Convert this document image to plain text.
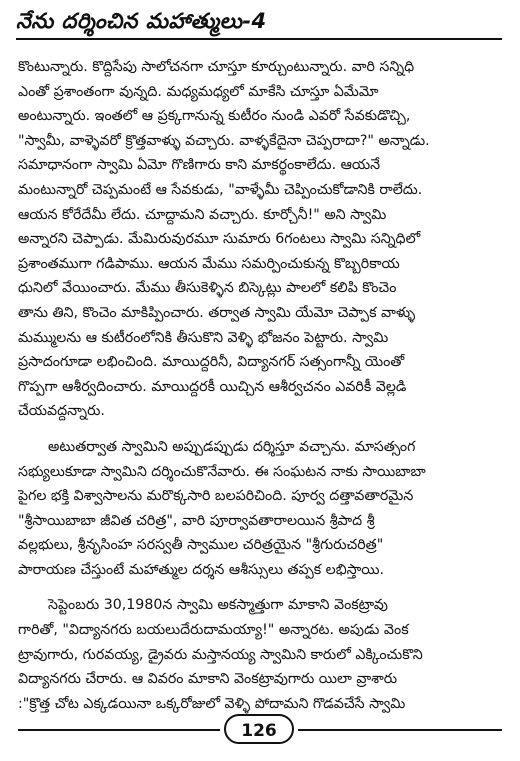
నేను దర్శించిన మహాత్ములు-4
కొంటున్నారు. కొద్దిసేపు సాలోచనగా చూస్తూ కూర్చుంటున్నారు. వారి సన్నిధి
ఎంతో ప్రశాంతంగా వున్నది. మధ్యమధ్యలో మాకేసి చూస్తూ ఏమేమో
అంటున్నారు. ఇంతలో ఆ ప్రక్కగానున్న కుటీరం నుండి ఎవరో సేవకుడొచ్చి,
"స్వామీ, వాళ్ళెవరో క్రొత్తవాళ్ళు వచ్చారు. వాళ్ళకేదైనా చెప్పరాదా?" అన్నాడు.
సమాధానంగా స్వామి ఏమో గొణిగారు కాని మాకర్థంకాలేదు. ఆయనే
మంటున్నారో చెప్పమంటే ఆ సేవకుడు, "వాళ్ళేమీ చెప్పించుకోడానికి రాలేదు.
ఆయన కోరేదేమీ లేదు. చూద్దామని వచ్చారు. కూర్చోనీ!" అని స్వామి
అన్నారని చెప్పాడు. మేమిరువురమూ సుమారు 6గంటలు స్వామి సన్నిధిలో
ప్రశాంతముగా గడిపాము. ఆయన మేము సమర్పించుకున్న కొబ్బరికాయ
ధునిలో వేయించారు. మేము తీసుకెళ్ళిన బిస్కెట్లు పాలలో కలిపి కొంచెం
తాను తిని, కొంచెం మాకిప్పించారు. తర్వాత స్వామి యేమో చెప్పాక వాళ్ళు
మమ్ములను ఆ కుటీరంలోనికి తీసుకొని వెళ్ళి భోజనం పెట్టారు. స్వామి
ప్రసాదంగూడా లభించింది. మాయిద్దరినీ, విద్యానగర్ సత్సంగాన్నీ యెంతో
గొప్పగా ఆశీర్వదించారు. మాయిద్దరకీ యిచ్చిన ఆశీర్వచనం ఎవరికీ వెల్లడి
చేయవద్దన్నారు.
అటుతర్వాత స్వామిని అప్పుడప్పుడు దర్శిస్తూ వచ్చాను. మాసత్సంగ
సభ్యులుకూడా స్వామిని దర్శించుకొనేవారు. ఈ సంఘటన నాకు సాయిబాబా
పైగల భక్తి విశ్వాసాలను మరొక్కసారి బలపరిచింది. పూర్వ దత్తావతారమైన
"శ్రీసాయిబాబా జీవిత చరిత్ర", వారి పూర్వావతారాలయిన శ్రీపాద శ్రీ
వల్లభులు, శ్రీనృసింహ సరస్వతీ స్వాముల చరిత్రయైన "శ్రీగురుచరిత్ర"
పారాయణ చేస్తుంటే మహాత్ముల దర్శన ఆశీస్సులు తప్పక లభిస్తాయి.
సెప్టెంబరు 30,1980న స్వామి అకస్మాత్తుగా మాకాని వెంకట్రావు
గారితో, "విద్యానగరు బయలుదేరుదామయ్యా!" అన్నారట. అపుడు వెంక
ట్రావుగారు, గురవయ్య, డ్రైవరు మస్తానయ్య స్వామిని కారులో ఎక్కించుకొని
విద్యానగరు చేరారు. ఆ వివరం మాకాని వెంకట్రావుగారు యిలా వ్రాశారు
:"క్రొత్త చోట ఎక్కడయినా ఒక్కరోజులో వెళ్ళి పోదామని గొడవచేసే స్వామి
126
